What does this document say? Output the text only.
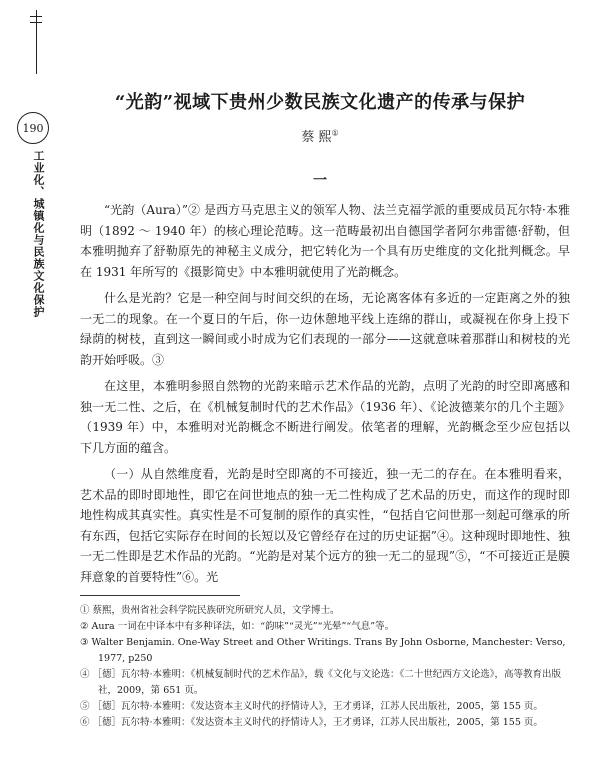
190
工业化、城镇化与民族文化保护
“光韵”视域下贵州少数民族文化遗产的传承与保护
蔡 熙①
一

“光韵（Aura）”② 是西方马克思主义的领军人物、法兰克福学派的重要成员瓦尔特·本雅明（1892 ～ 1940 年）的核心理论范畴。这一范畴最初出自德国学者阿尔弗雷德·舒勒，但本雅明抛弃了舒勒原先的神秘主义成分，把它转化为一个具有历史维度的文化批判概念。早在 1931 年所写的《摄影简史》中本雅明就使用了光韵概念。

什么是光韵？它是一种空间与时间交织的在场，无论离客体有多近的一定距离之外的独一无二的现象。在一个夏日的午后，你一边休憩地平线上连绵的群山，或凝视在你身上投下绿荫的树枝，直到这一瞬间或小时成为它们表现的一部分——这就意味着那群山和树枝的光韵开始呼吸。③

在这里，本雅明参照自然物的光韵来暗示艺术作品的光韵，点明了光韵的时空即离感和独一无二性、之后，在《机械复制时代的艺术作品》（1936 年）、《论波德莱尔的几个主题》（1939 年）中，本雅明对光韵概念不断进行阐发。依笔者的理解，光韵概念至少应包括以下几方面的蕴含。

（一）从自然维度看，光韵是时空即离的不可接近，独一无二的存在。在本雅明看来，艺术品的即时即地性，即它在问世地点的独一无二性构成了艺术品的历史，而这作的现时即地性构成其真实性。真实性是不可复制的原作的真实性，“包括自它问世那一刻起可继承的所有东西，包括它实际存在时间的长短以及它曾经存在过的历史证据”④。这种现时即地性、独一无二性即是艺术作品的光韵。“光韵是对某个远方的独一无二的显现”⑤，“不可接近正是膜拜意象的首要特性”⑥。光

① 蔡熙，贵州省社会科学院民族研究所研究人员，文学博士。
② Aura 一词在中译本中有多种译法，如：“韵味”“灵光”“光晕”“气息”等。
③ Walter Benjamin. One-Way Street and Other Writings. Trans By John Osborne, Manchester: Verso, 1977, p250
④ ［德］瓦尔特·本雅明：《机械复制时代的艺术作品》，载《文化与文论选：《二十世纪西方文论选》，高等教育出版社，2009，第 651 页。
⑤ ［德］瓦尔特·本雅明：《发达资本主义时代的抒情诗人》，王才勇译，江苏人民出版社，2005，第 155 页。
⑥ ［德］瓦尔特·本雅明：《发达资本主义时代的抒情诗人》，王才勇译，江苏人民出版社，2005，第 155 页。
